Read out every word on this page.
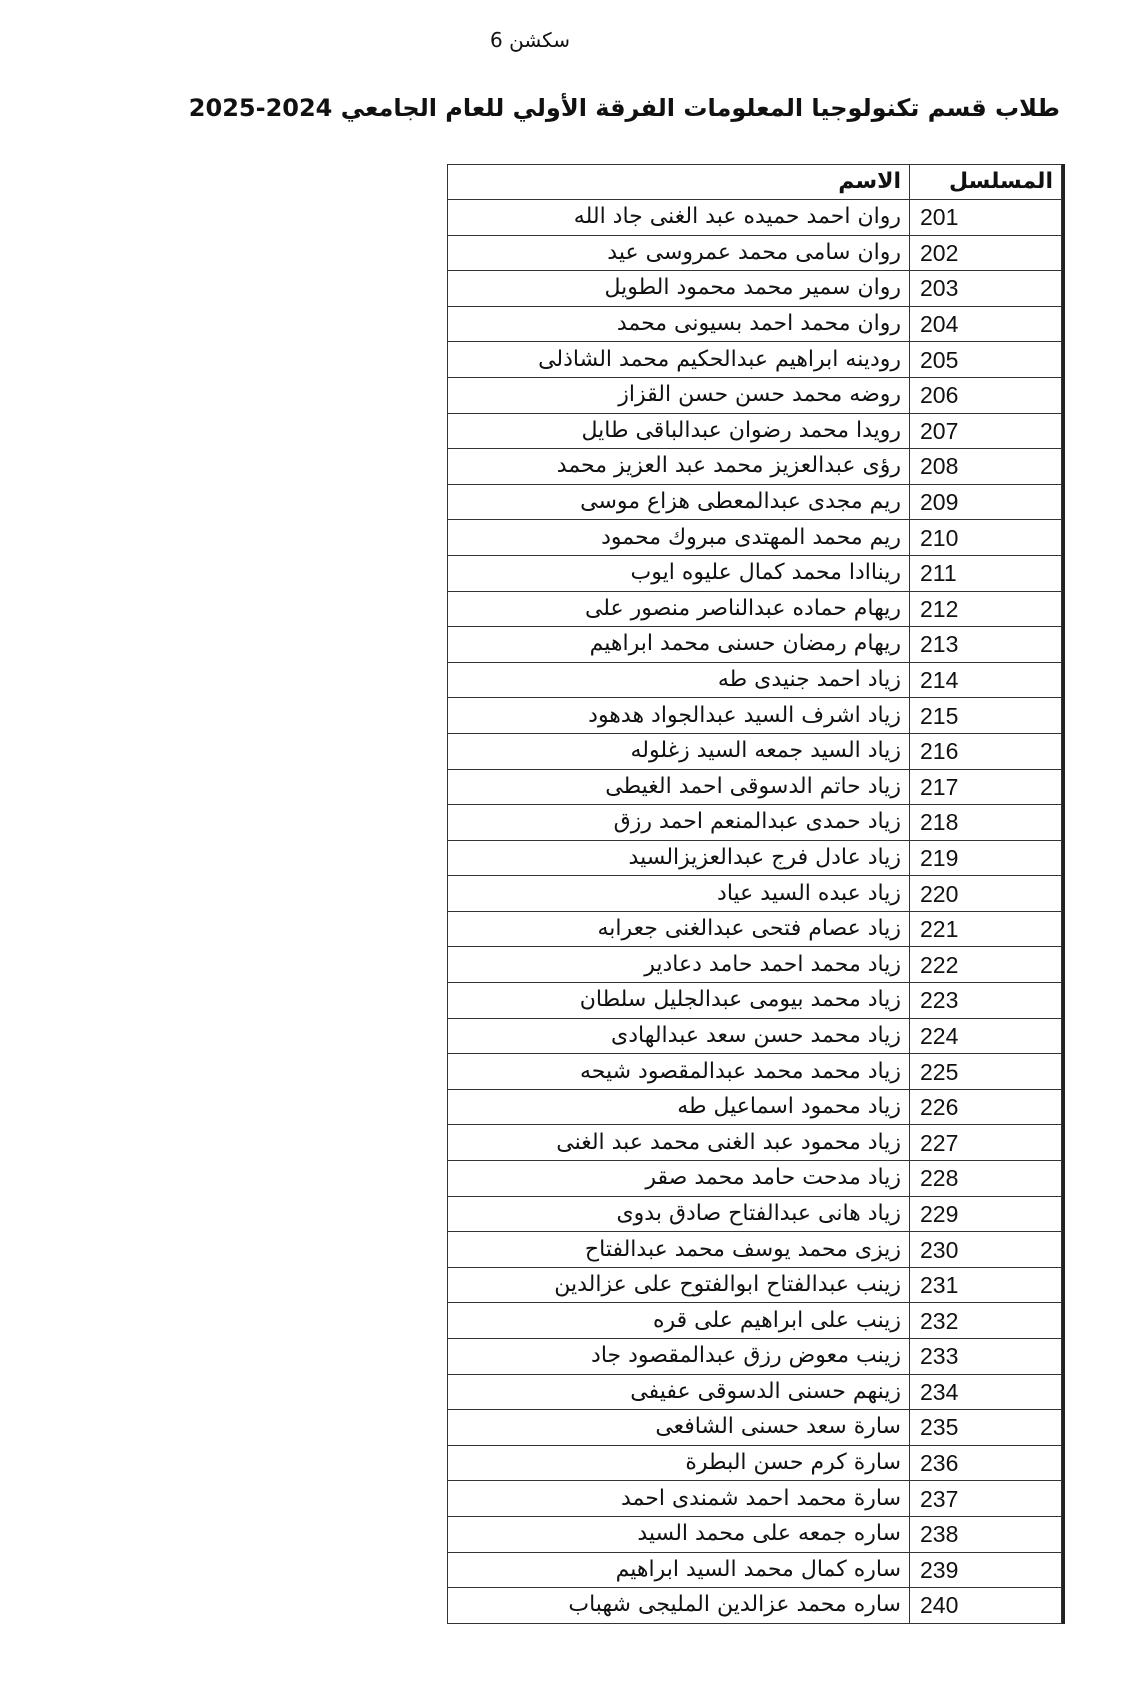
سكشن 6
طلاب قسم تكنولوجيا المعلومات الفرقة الأولي للعام الجامعي 2024-2025
المسلسل	الاسم
201	روان احمد حميده عبد الغنى جاد الله
202	روان سامى محمد عمروسى عيد
203	روان سمير محمد محمود الطويل
204	روان محمد احمد بسيونى محمد
205	رودينه ابراهيم عبدالحكيم محمد الشاذلى
206	روضه محمد حسن حسن القزاز
207	رويدا محمد رضوان عبدالباقى طايل
208	رؤى عبدالعزيز محمد عبد العزيز محمد
209	ريم مجدى عبدالمعطى هزاع موسى
210	ريم محمد المهتدى مبروك محمود
211	ريناادا محمد كمال عليوه ايوب
212	ريهام حماده عبدالناصر منصور على
213	ريهام رمضان حسنى محمد ابراهيم
214	زياد احمد جنيدى طه
215	زياد اشرف السيد عبدالجواد هدهود
216	زياد السيد جمعه السيد زغلوله
217	زياد حاتم الدسوقى احمد الغيطى
218	زياد حمدى عبدالمنعم احمد رزق
219	زياد عادل فرج عبدالعزيزالسيد
220	زياد عبده السيد عياد
221	زياد عصام فتحى عبدالغنى جعرابه
222	زياد محمد احمد حامد دعادير
223	زياد محمد بيومى عبدالجليل سلطان
224	زياد محمد حسن سعد عبدالهادى
225	زياد محمد محمد عبدالمقصود شيحه
226	زياد محمود اسماعيل طه
227	زياد محمود عبد الغنى محمد عبد الغنى
228	زياد مدحت حامد محمد صقر
229	زياد هانى عبدالفتاح صادق بدوى
230	زيزى محمد يوسف محمد عبدالفتاح
231	زينب عبدالفتاح ابوالفتوح على عزالدين
232	زينب على ابراهيم على قره
233	زينب معوض رزق عبدالمقصود جاد
234	زينهم حسنى الدسوقى عفيفى
235	سارة سعد حسنى الشافعى
236	سارة كرم حسن البطرة
237	سارة محمد احمد شمندى احمد
238	ساره جمعه على محمد السيد
239	ساره كمال محمد السيد ابراهيم
240	ساره محمد عزالدين المليجى شهباب
